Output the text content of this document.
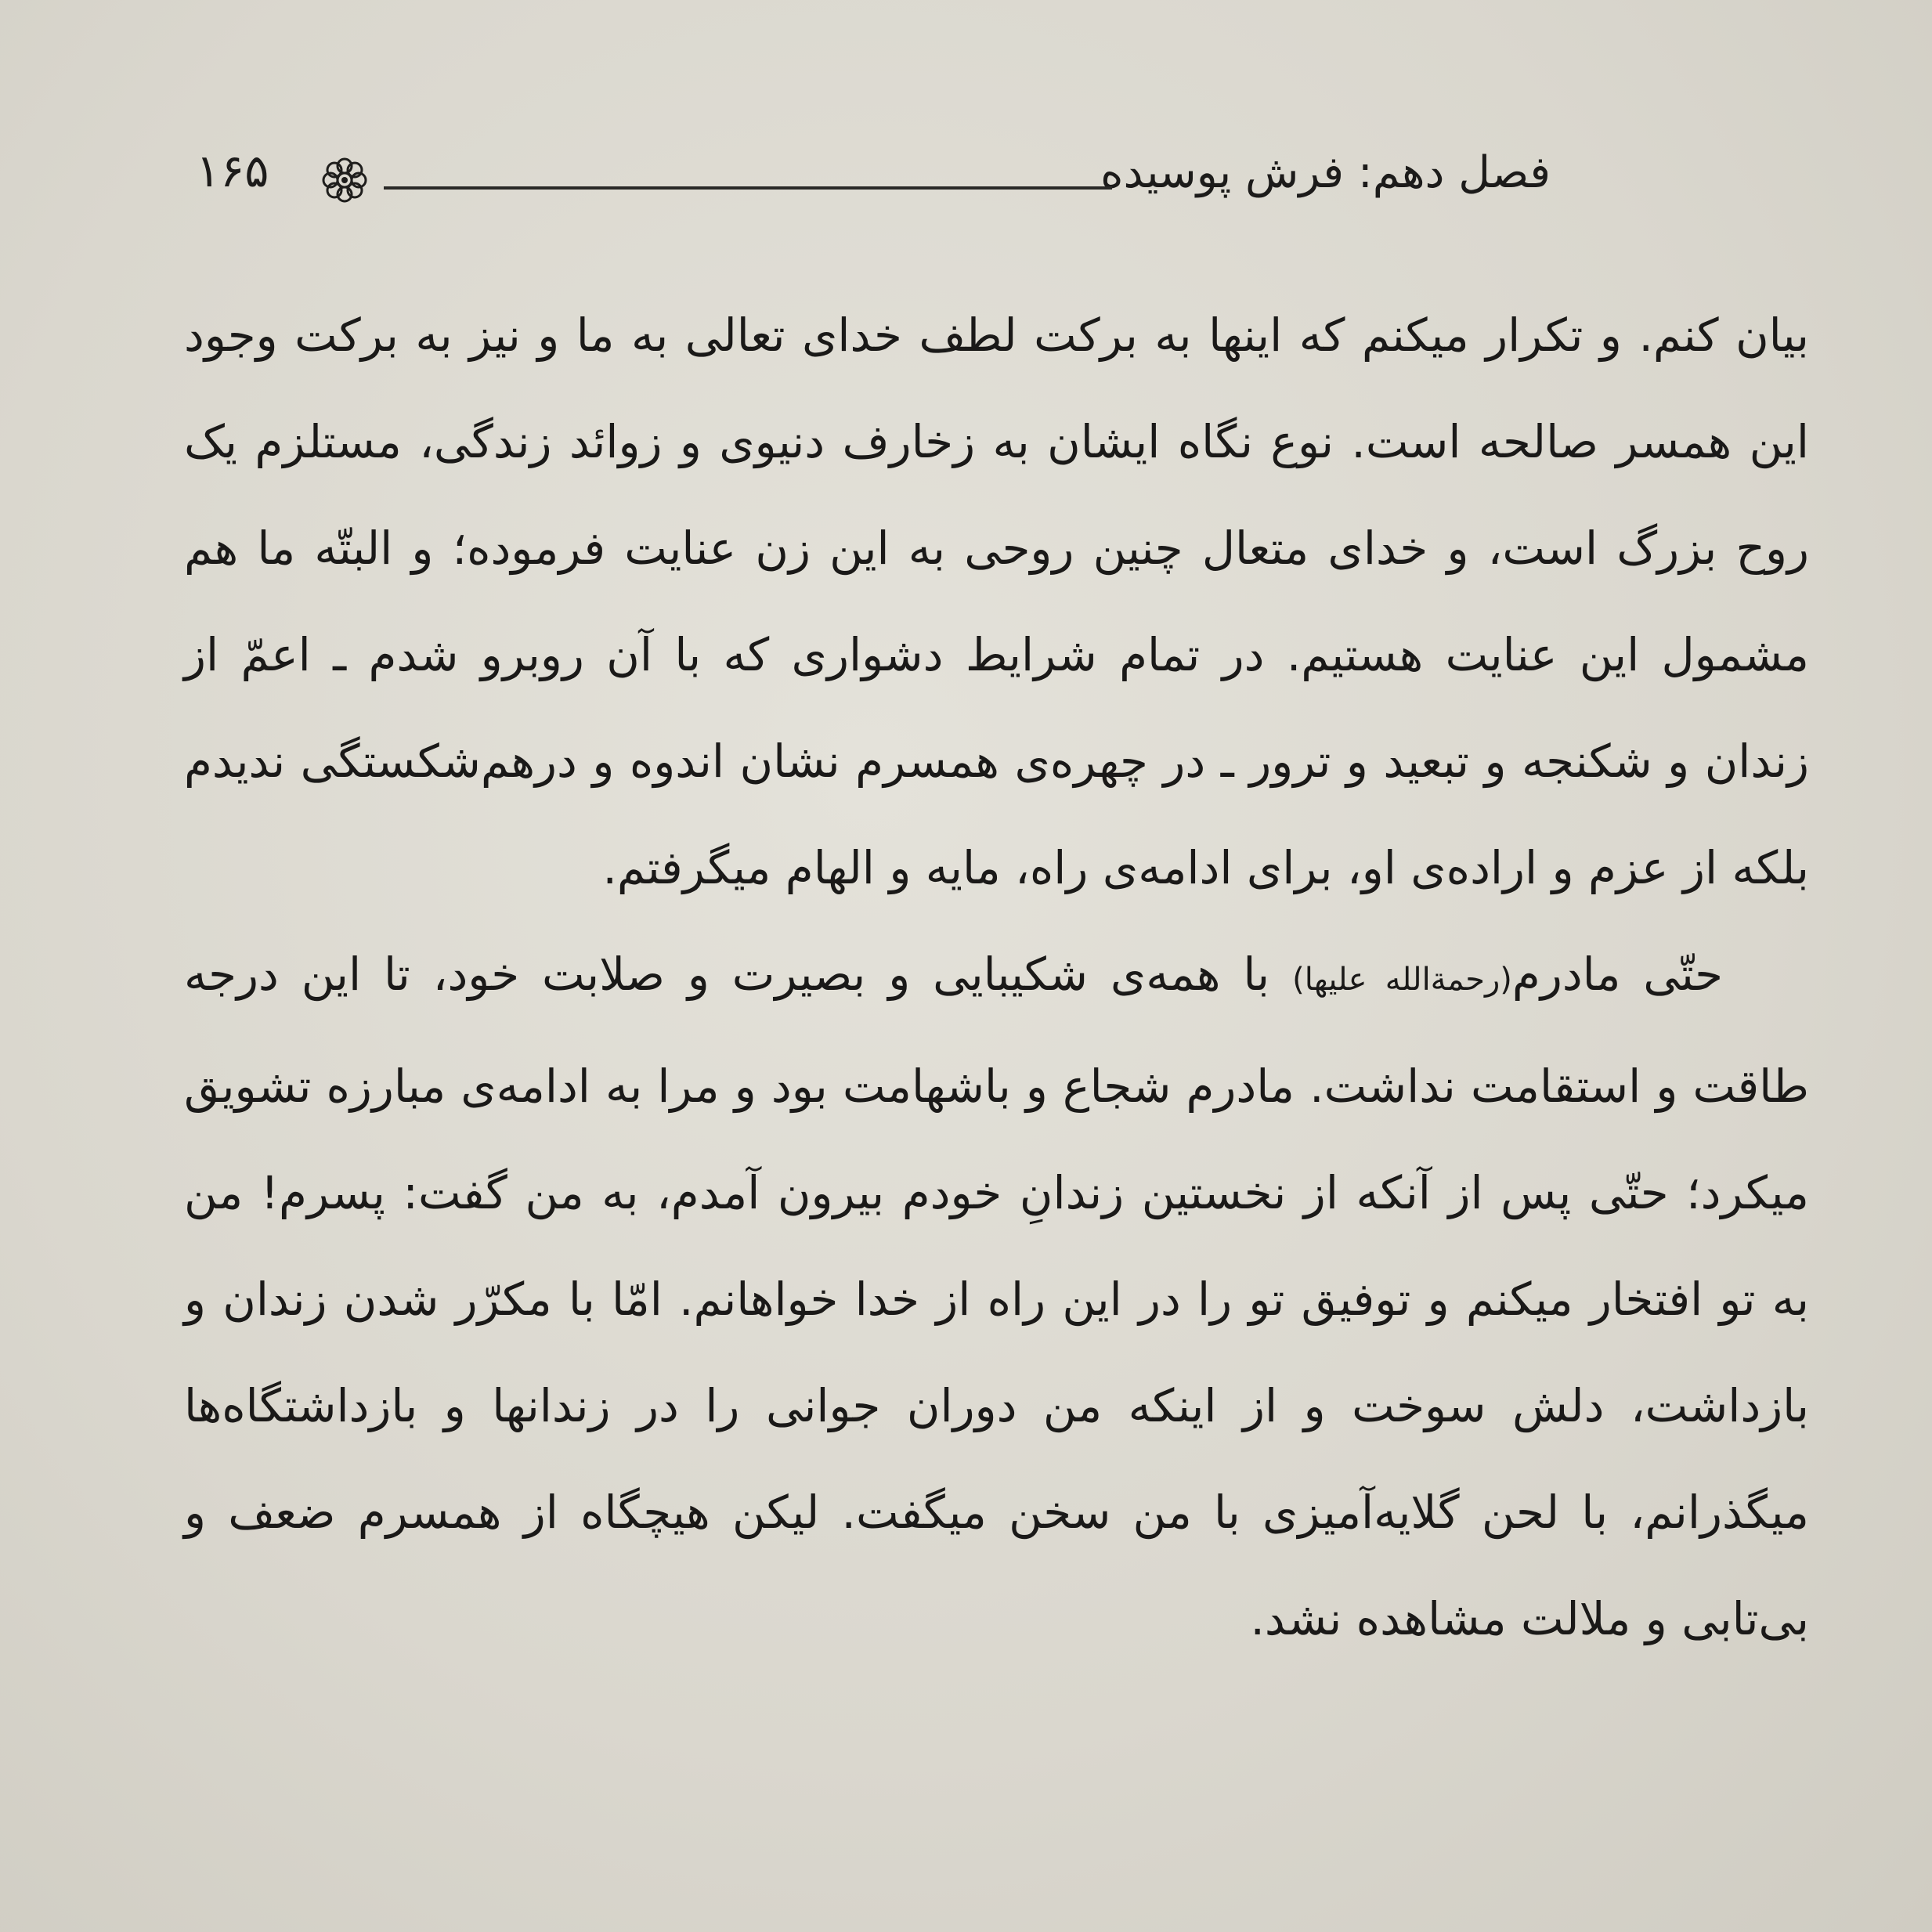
فصل دهم: فرش پوسیده
۱۶۵

بیان کنم. و تکرار میکنم که اینها به برکت لطف خدای تعالی به ما و نیز به برکت وجود این همسر صالحه است. نوع نگاه ایشان به زخارف دنیوی و زوائد زندگی، مستلزم یک روح بزرگ است، و خدای متعال چنین روحی به این زن عنایت فرموده؛ و البتّه ما هم مشمول این عنایت هستیم. در تمام شرایط دشواری که با آن روبرو شدم ـ اعمّ از زندان و شکنجه و تبعید و ترور ـ در چهره‌ی همسرم نشان اندوه و درهم‌شکستگی ندیدم بلکه از عزم و اراده‌ی او، برای ادامه‌ی راه، مایه و الهام میگرفتم.

حتّی مادرم(رحمة‌الله علیها) با همه‌ی شکیبایی و بصیرت و صلابت خود، تا این درجه طاقت و استقامت نداشت. مادرم شجاع و باشهامت بود و مرا به ادامه‌ی مبارزه تشویق میکرد؛ حتّی پس از آنکه از نخستین زندانِ خودم بیرون آمدم، به من گفت: پسرم! من به تو افتخار میکنم و توفیق تو را در این راه از خدا خواهانم. امّا با مکرّر شدن زندان و بازداشت، دلش سوخت و از اینکه من دوران جوانی را در زندانها و بازداشتگاه‌ها میگذرانم، با لحن گلایه‌آمیزی با من سخن میگفت. لیکن هیچگاه از همسرم ضعف و بی‌تابی و ملالت مشاهده نشد.
